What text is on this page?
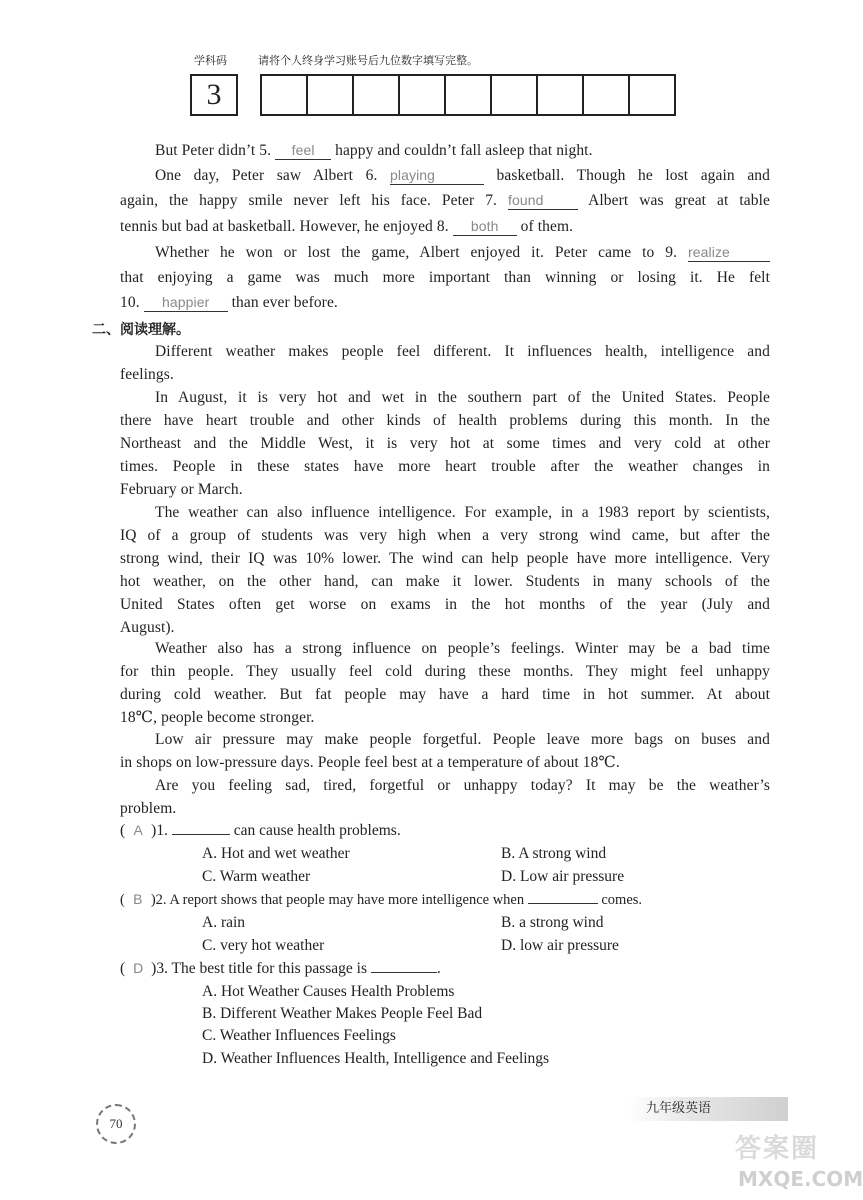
学科码	请将个人终身学习账号后九位数字填写完整。
3
But Peter didn’t 5. feel happy and couldn’t fall asleep that night.
One day, Peter saw Albert 6. playing	basketball. Though he lost again and
again, the happy smile never left his face. Peter 7. found Albert was great at table
tennis but bad at basketball. However, he enjoyed 8. both of them.
Whether he won or lost the game, Albert enjoyed it. Peter came to 9. realize
that enjoying a game was much more important than winning or losing it. He felt
10. happier than ever before.
二、阅读理解。
Different weather makes people feel different. It influences health, intelligence and
feelings.
In August, it is very hot and wet in the southern part of the United States. People
there have heart trouble and other kinds of health problems during this month. In the
Northeast and the Middle West, it is very hot at some times and very cold at other
times. People in these states have more heart trouble after the weather changes in
February or March.
The weather can also influence intelligence. For example, in a 1983 report by scientists,
IQ of a group of students was very high when a very strong wind came, but after the
strong wind, their IQ was 10% lower. The wind can help people have more intelligence. Very
hot weather, on the other hand, can make it lower. Students in many schools of the
United States often get worse on exams in the hot months of the year (July and
August).
Weather also has a strong influence on people’s feelings. Winter may be a bad time
for thin people. They usually feel cold during these months. They might feel unhappy
during cold weather. But fat people may have a hard time in hot summer. At about
18℃, people become stronger.
Low air pressure may make people forgetful. People leave more bags on buses and
in shops on low-pressure days. People feel best at a temperature of about 18℃.
Are you feeling sad, tired, forgetful or unhappy today? It may be the weather’s
problem.
( A )1.	can cause health problems.
A. Hot and wet weather	B. A strong wind
C. Warm weather	D. Low air pressure
( B )2. A report shows that people may have more intelligence when	comes.
A. rain	B. a strong wind
C. very hot weather	D. low air pressure
( D )3. The best title for this passage is	.
A. Hot Weather Causes Health Problems
B. Different Weather Makes People Feel Bad
C. Weather Influences Feelings
D. Weather Influences Health, Intelligence and Feelings
70
九年级英语
答案圈
MXQE.COM
